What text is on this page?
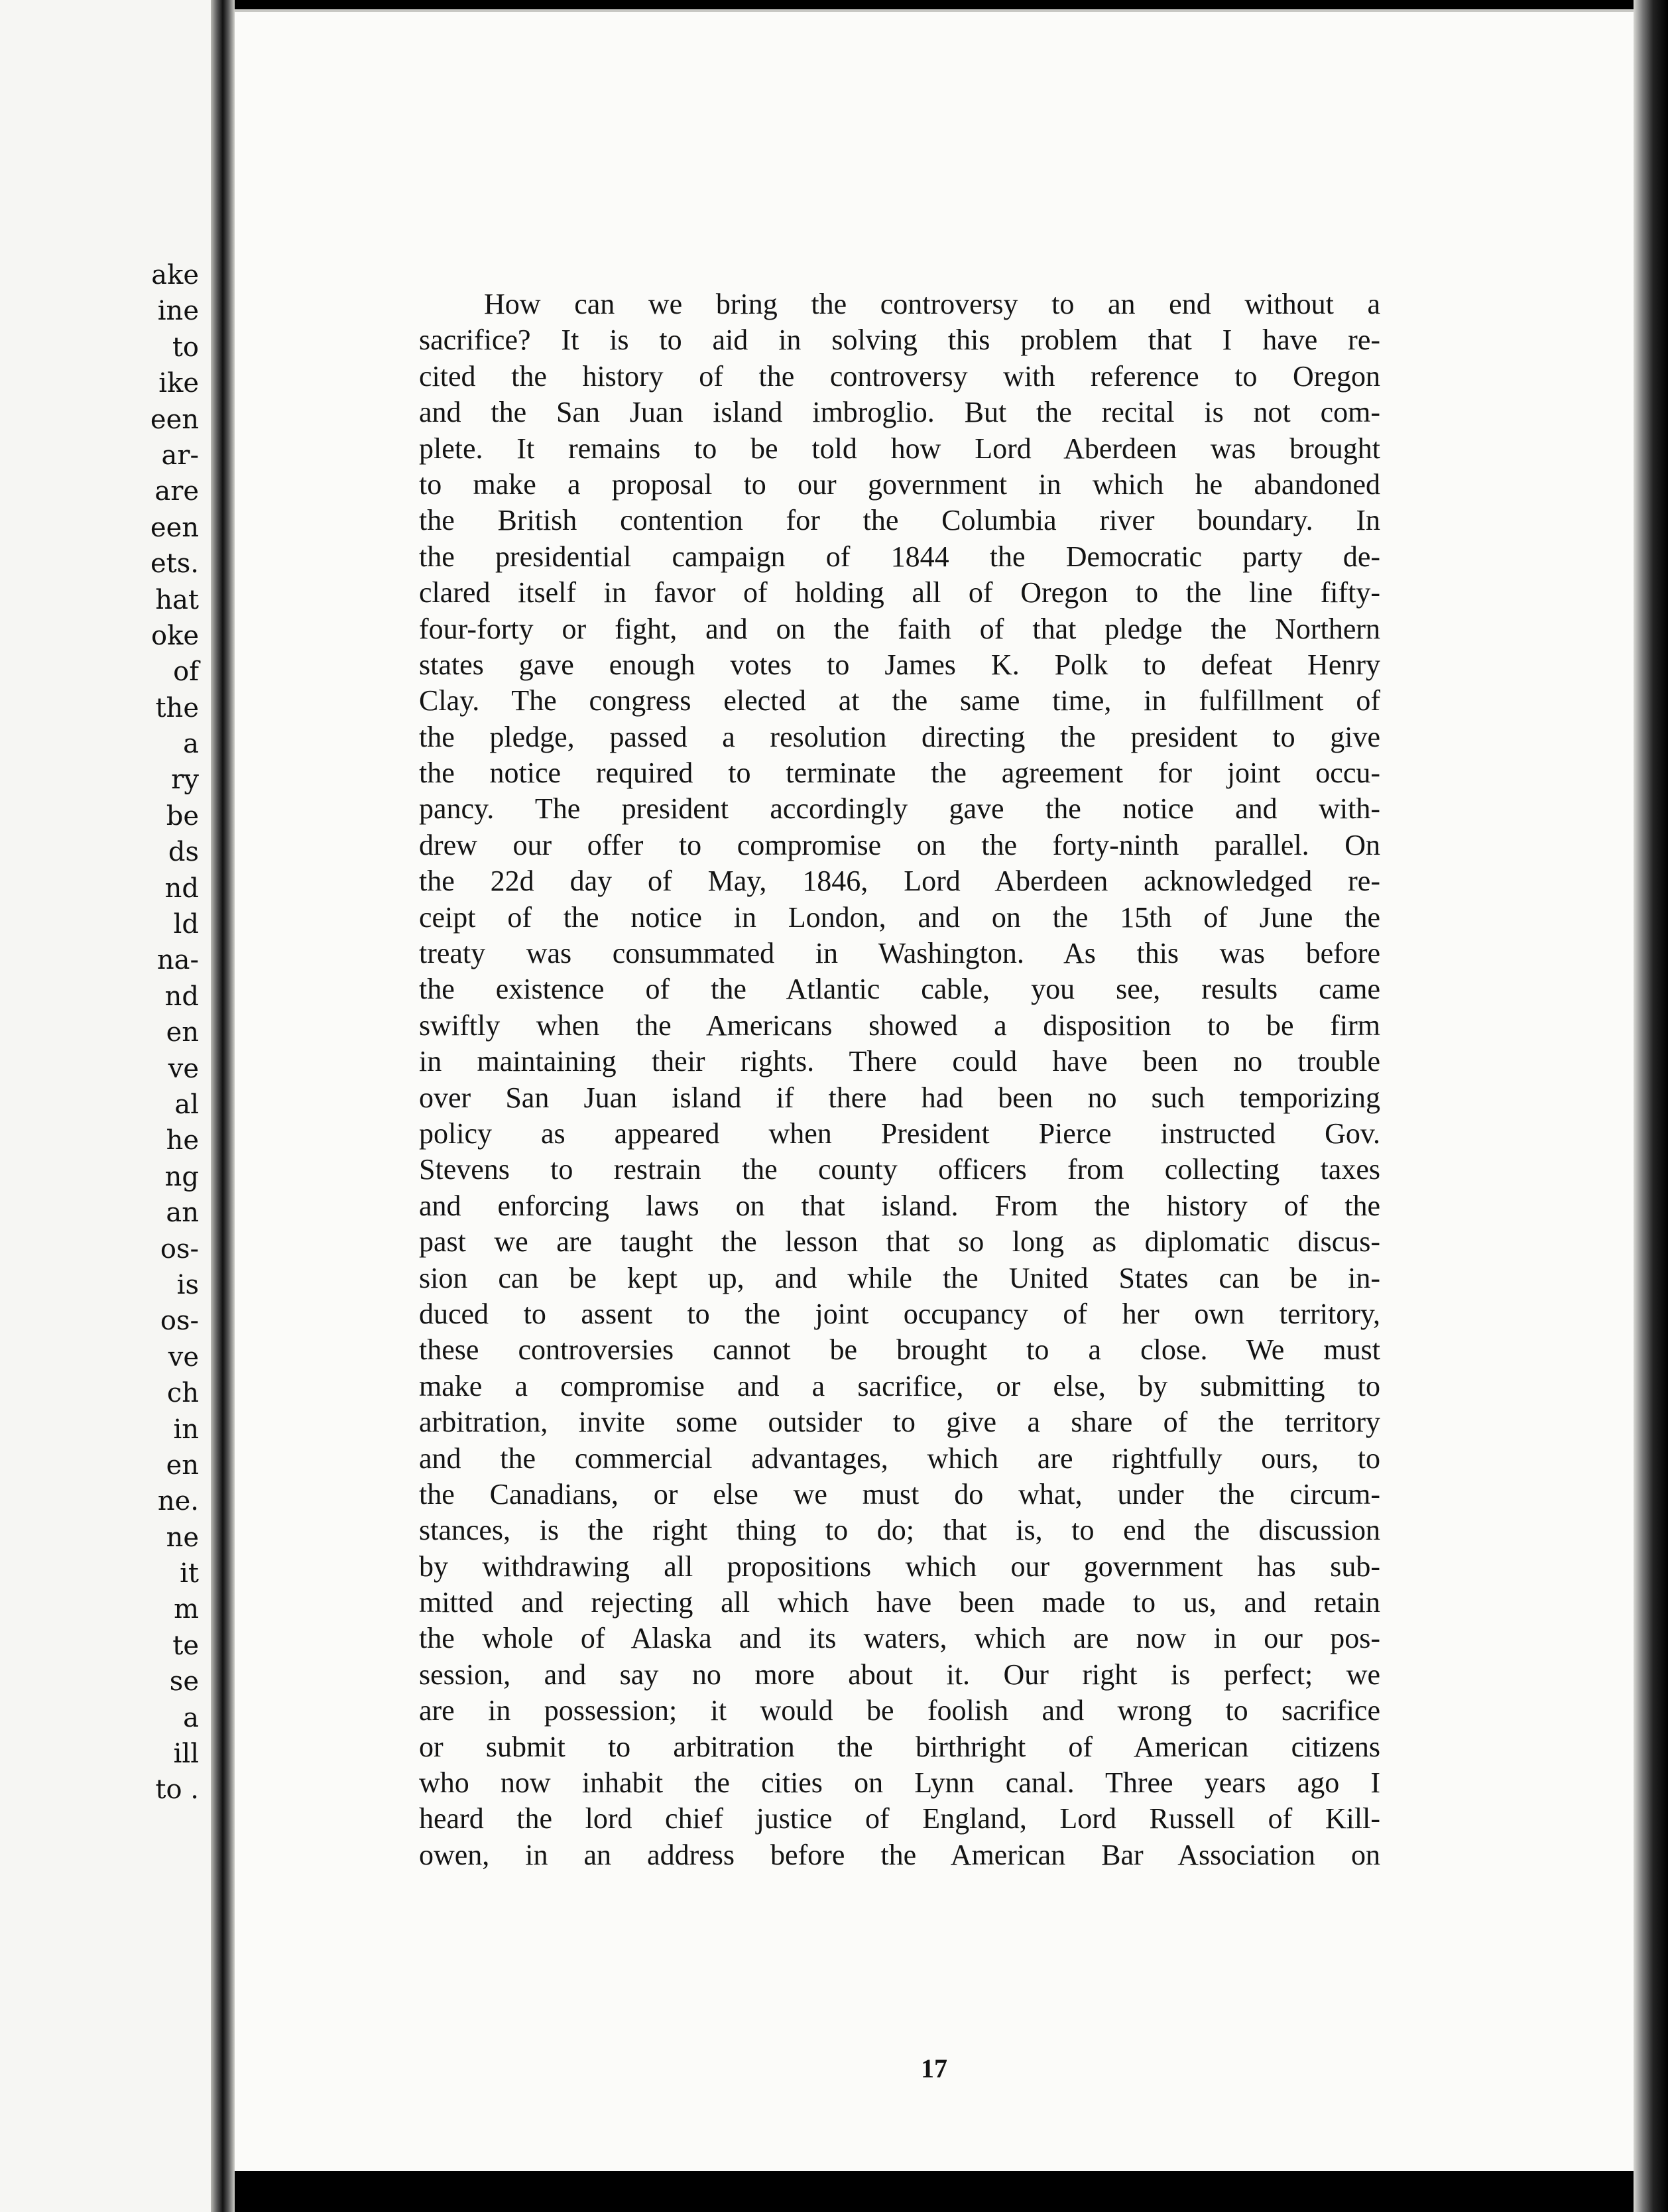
ake
ine
to
ike
een
ar-
are
een
ets.
hat
oke
of
the
a
ry
be
ds
nd
ld
na-
nd
en
ve
al
he
ng
an
os-
is
os-
ve
ch
in
en
ne.
ne
it
m
te
se
a
ill
to .
How can we bring the controversy to an end without a
sacrifice? It is to aid in solving this problem that I have re-
cited the history of the controversy with reference to Oregon
and the San Juan island imbroglio. But the recital is not com-
plete. It remains to be told how Lord Aberdeen was brought
to make a proposal to our government in which he abandoned
the British contention for the Columbia river boundary. In
the presidential campaign of 1844 the Democratic party de-
clared itself in favor of holding all of Oregon to the line fifty-
four-forty or fight, and on the faith of that pledge the Northern
states gave enough votes to James K. Polk to defeat Henry
Clay. The congress elected at the same time, in fulfillment of
the pledge, passed a resolution directing the president to give
the notice required to terminate the agreement for joint occu-
pancy. The president accordingly gave the notice and with-
drew our offer to compromise on the forty-ninth parallel. On
the 22d day of May, 1846, Lord Aberdeen acknowledged re-
ceipt of the notice in London, and on the 15th of June the
treaty was consummated in Washington. As this was before
the existence of the Atlantic cable, you see, results came
swiftly when the Americans showed a disposition to be firm
in maintaining their rights. There could have been no trouble
over San Juan island if there had been no such temporizing
policy as appeared when President Pierce instructed Gov.
Stevens to restrain the county officers from collecting taxes
and enforcing laws on that island. From the history of the
past we are taught the lesson that so long as diplomatic discus-
sion can be kept up, and while the United States can be in-
duced to assent to the joint occupancy of her own territory,
these controversies cannot be brought to a close. We must
make a compromise and a sacrifice, or else, by submitting to
arbitration, invite some outsider to give a share of the territory
and the commercial advantages, which are rightfully ours, to
the Canadians, or else we must do what, under the circum-
stances, is the right thing to do; that is, to end the discussion
by withdrawing all propositions which our government has sub-
mitted and rejecting all which have been made to us, and retain
the whole of Alaska and its waters, which are now in our pos-
session, and say no more about it. Our right is perfect; we
are in possession; it would be foolish and wrong to sacrifice
or submit to arbitration the birthright of American citizens
who now inhabit the cities on Lynn canal. Three years ago I
heard the lord chief justice of England, Lord Russell of Kill-
owen, in an address before the American Bar Association on
17
